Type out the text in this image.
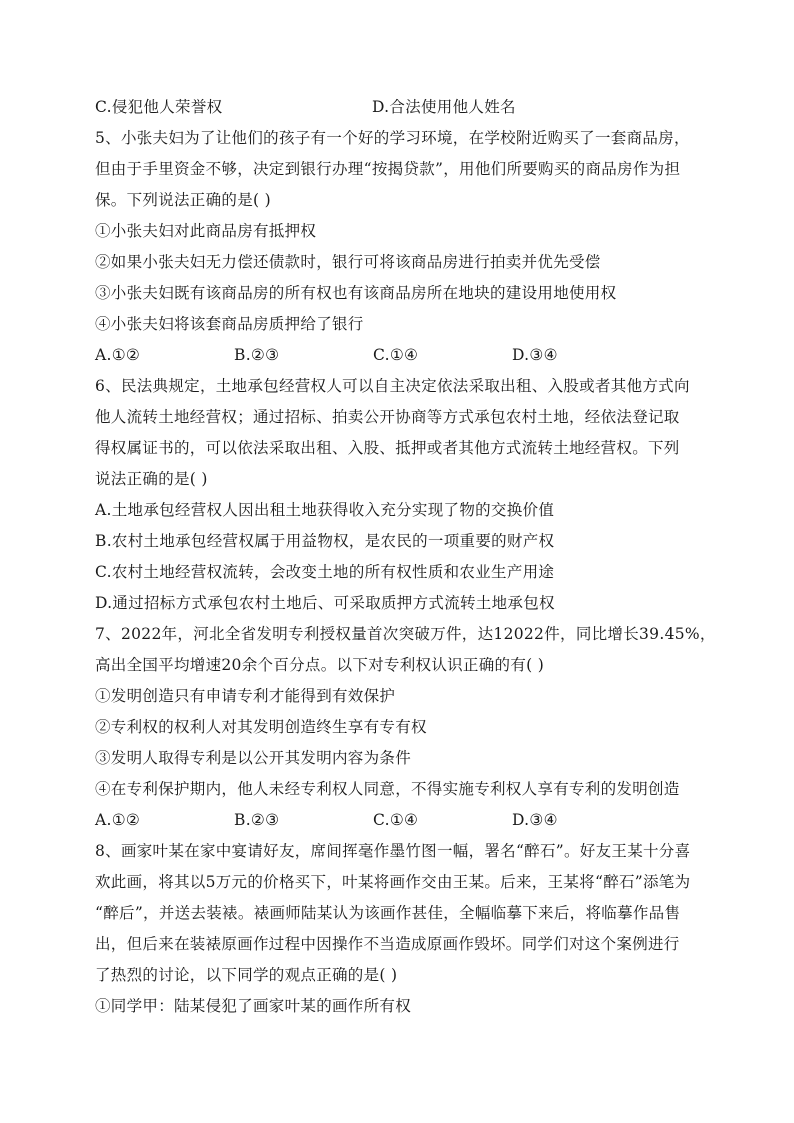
C.侵犯他人荣誉权	D.合法使用他人姓名
5、小张夫妇为了让他们的孩子有一个好的学习环境，在学校附近购买了一套商品房，
但由于手里资金不够，决定到银行办理“按揭贷款”，用他们所要购买的商品房作为担
保。下列说法正确的是( )
①小张夫妇对此商品房有抵押权
②如果小张夫妇无力偿还债款时，银行可将该商品房进行拍卖并优先受偿
③小张夫妇既有该商品房的所有权也有该商品房所在地块的建设用地使用权
④小张夫妇将该套商品房质押给了银行
A.①②	B.②③	C.①④	D.③④
6、民法典规定，土地承包经营权人可以自主决定依法采取出租、入股或者其他方式向
他人流转土地经营权；通过招标、拍卖公开协商等方式承包农村土地，经依法登记取
得权属证书的，可以依法采取出租、入股、抵押或者其他方式流转土地经营权。下列
说法正确的是( )
A.土地承包经营权人因出租土地获得收入充分实现了物的交换价值
B.农村土地承包经营权属于用益物权，是农民的一项重要的财产权
C.农村土地经营权流转，会改变土地的所有权性质和农业生产用途
D.通过招标方式承包农村土地后、可采取质押方式流转土地承包权
7、2022年，河北全省发明专利授权量首次突破万件，达12022件，同比增长39.45%，
高出全国平均增速20余个百分点。以下对专利权认识正确的有( )
①发明创造只有申请专利才能得到有效保护
②专利权的权利人对其发明创造终生享有专有权
③发明人取得专利是以公开其发明内容为条件
④在专利保护期内，他人未经专利权人同意，不得实施专利权人享有专利的发明创造
A.①②	B.②③	C.①④	D.③④
8、画家叶某在家中宴请好友，席间挥毫作墨竹图一幅，署名“醉石”。好友王某十分喜
欢此画，将其以5万元的价格买下，叶某将画作交由王某。后来，王某将“醉石”添笔为
“醉后”，并送去装裱。裱画师陆某认为该画作甚佳，全幅临摹下来后，将临摹作品售
出，但后来在装裱原画作过程中因操作不当造成原画作毁坏。同学们对这个案例进行
了热烈的讨论，以下同学的观点正确的是( )
①同学甲：陆某侵犯了画家叶某的画作所有权
